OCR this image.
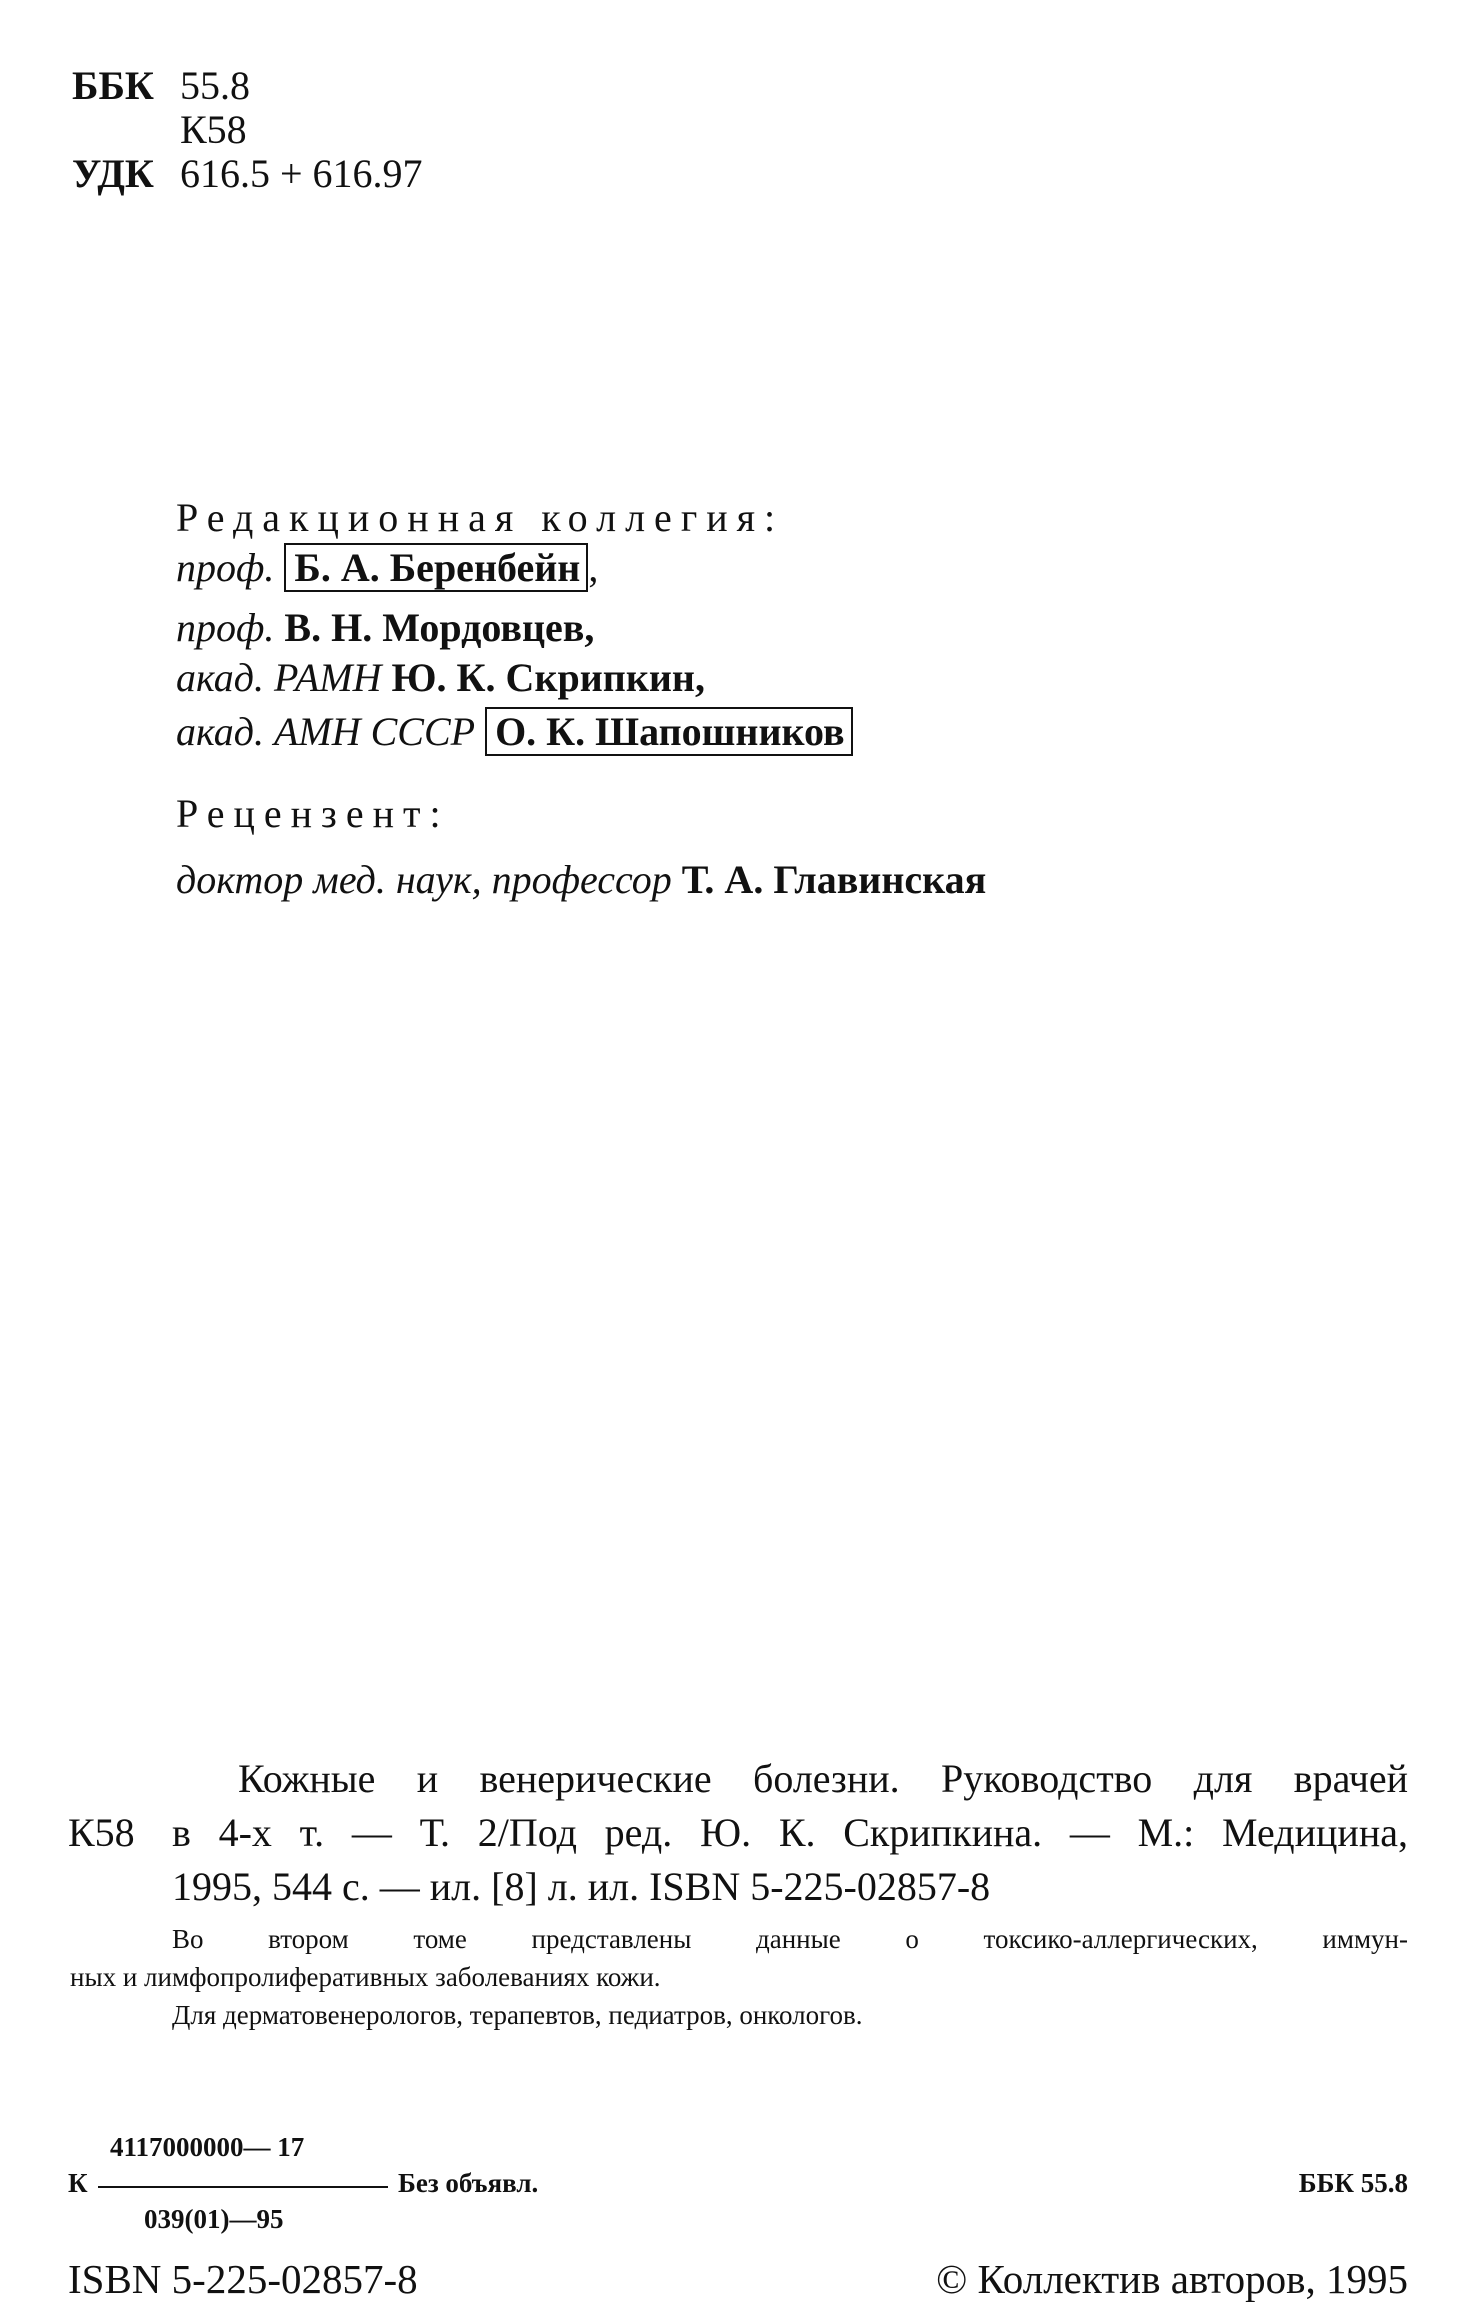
ББК 55.8
К58
УДК 616.5 + 616.97
Редакционная коллегия:
проф. Б. А. Беренбейн ,
проф. В. Н. Мордовцев,
акад. РАМН Ю. К. Скрипкин,
акад. АМН СССР О. К. Шапошников
Рецензент:
доктор мед. наук, профессор Т. А. Главинская
Кожные и венерические болезни. Руководство для врачей
К58 в 4-х т. — Т. 2/Под ред. Ю. К. Скрипкина. — М.: Медицина,
1995, 544 с. — ил. [8] л. ил. ISBN 5-225-02857-8
Во втором томе представлены данные о токсико-аллергических, иммун-
ных и лимфопролиферативных заболеваниях кожи.
Для дерматовенерологов, терапевтов, педиатров, онкологов.
4117000000— 17
К	Без объявл.
039(01)—95
ББК 55.8
ISBN 5-225-02857-8	© Коллектив авторов, 1995
